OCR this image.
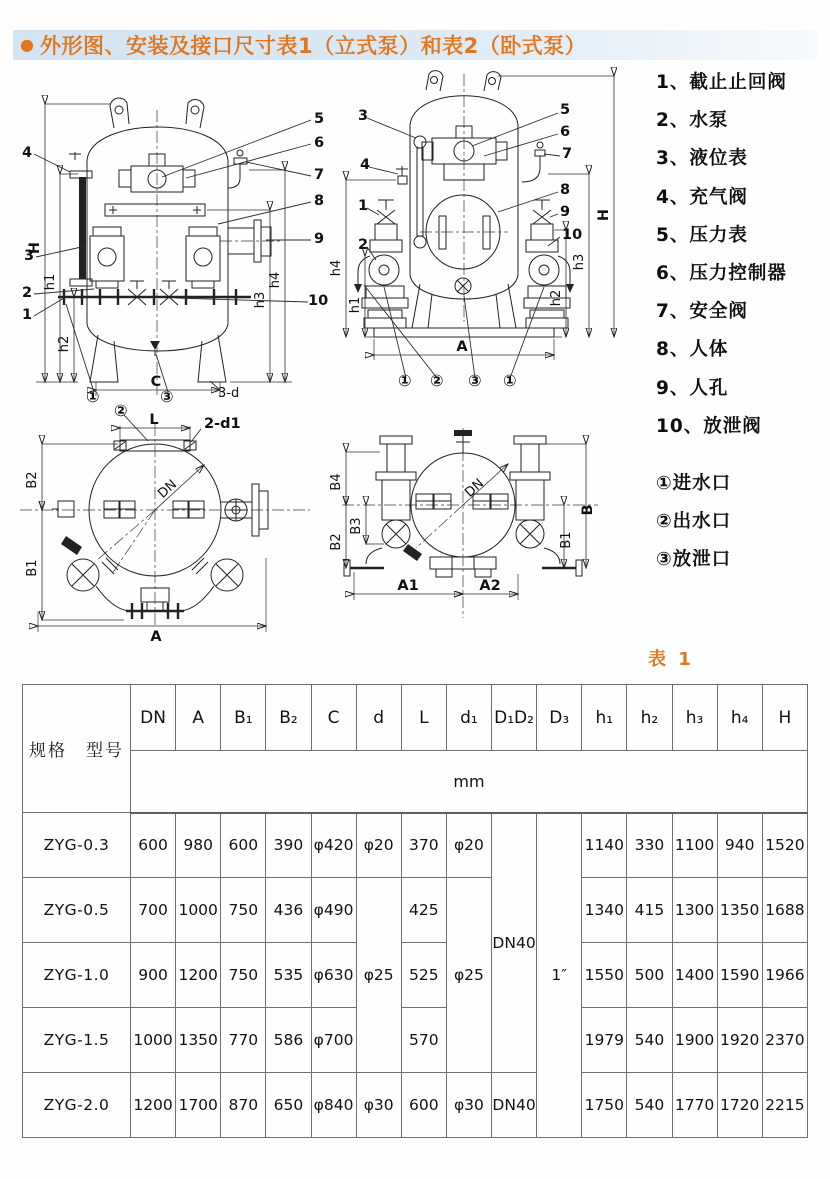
● 外形图、安装及接口尺寸表1（立式泵）和表2（卧式泵）
5
6
7
8
9
10
4
3
2
1
H
h1
h2
h3
h4
C
3-d
①	③
3
4
1
2
5
6
7
8
9
10
h4
h1
H
h3
h2
A
① ② ③ ①
L	2-d1
B2
B1
A
DN
②
B4
B3
B2
B
B1
A1	A2
DN
1、截止止回阀
2、水泵
3、液位表
4、充气阀
5、压力表
6、压力控制器
7、安全阀
8、人体
9、人孔
10、放泄阀
①进水口
②出水口
③放泄口
表 1
规格　型号	DN	A	B₁	B₂	C	d	L	d₁	D₁D₂	D₃	h₁	h₂	h₃	h₄	H
	mm														
ZYG-0.3	600	980	600	390	φ420	φ20	370	φ20	DN40	1″	1140	330	1100	940	1520
ZYG-0.5	700	1000	750	436	φ490	φ25	425	φ25			1340	415	1300	1350	1688
ZYG-1.0	900	1200	750	535	φ630		525				1550	500	1400	1590	1966
ZYG-1.5	1000	1350	770	586	φ700		570				1979	540	1900	1920	2370
ZYG-2.0	1200	1700	870	650	φ840	φ30	600	φ30	DN40		1750	540	1770	1720	2215
